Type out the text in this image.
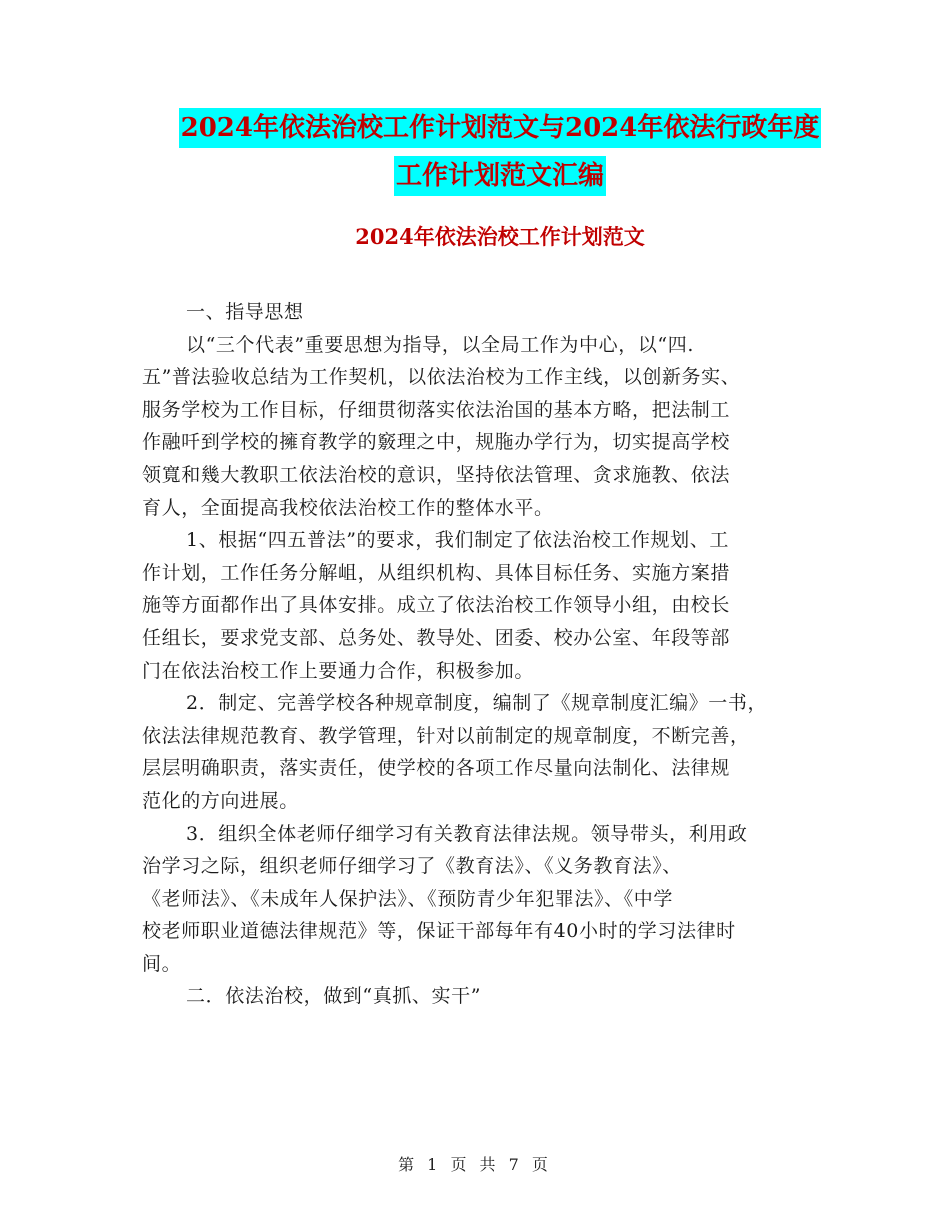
2024年依法治校工作计划范文与2024年依法行政年度
工作计划范文汇编
2024年依法治校工作计划范文
一、指导思想
以“三个代表”重要思想为指导，以全局工作为中心，以“四.
五”普法验收总结为工作契机，以依法治校为工作主线，以创新务实、
服务学校为工作目标，仔细贯彻落实依法治国的基本方略，把法制工
作融吀到学校的擁育教学的竅理之中，规胣办学行为，切实提高学校
领寬和幾大教职工依法治校的意识，坚持依法管理、贪求施教、依法
育人，全面提高我校依法治校工作的整体水平。
1、根据“四五普法”的要求，我们制定了依法治校工作规划、工
作计划，工作任务分解岨，从组织机构、具体目标任务、实施方案措
施等方面都作出了具体安排。成立了依法治校工作领导小组，由校长
任组长，要求党支部、总务处、教导处、团委、校办公室、年段等部
门在依法治校工作上要通力合作，积极参加。
2．制定、完善学校各种规章制度，编制了《规章制度汇编》一书，
依法法律规范教育、教学管理，针对以前制定的规章制度，不断完善，
层层明确职责，落实责任，使学校的各项工作尽量向法制化、法律规
范化的方向进展。
3．组织全体老师仔细学习有关教育法律法规。领导带头，利用政
治学习之际，组织老师仔细学习了《教育法》、《义务教育法》、
《老师法》、《未成年人保护法》、《预防青少年犯罪法》、《中学
校老师职业道德法律规范》等，保证干部每年有40小时的学习法律时
间。
二．依法治校，做到“真抓、实干”
第 1 页 共 7 页
